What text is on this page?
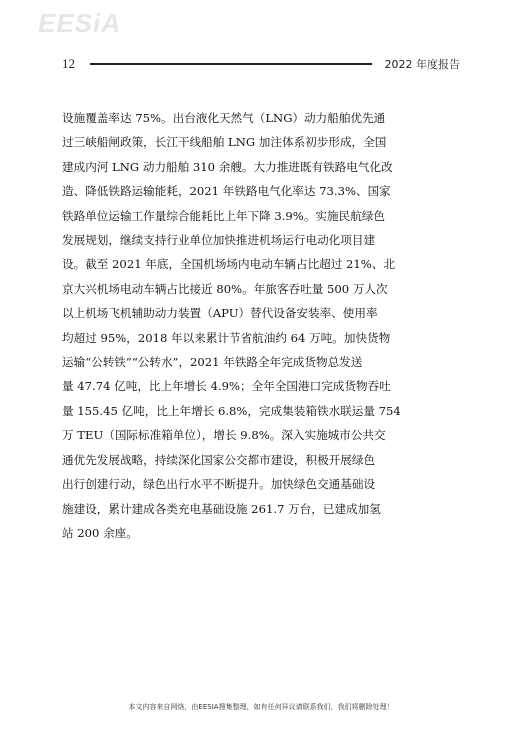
EESiA
12	2022 年度报告
设施覆盖率达 75%。出台液化天然气（LNG）动力船舶优先通
过三峡船闸政策，长江干线船舶 LNG 加注体系初步形成，全国
建成内河 LNG 动力船舶 310 余艘。大力推进既有铁路电气化改
造、降低铁路运输能耗，2021 年铁路电气化率达 73.3%、国家
铁路单位运输工作量综合能耗比上年下降 3.9%。实施民航绿色
发展规划，继续支持行业单位加快推进机场运行电动化项目建
设。截至 2021 年底，全国机场场内电动车辆占比超过 21%、北
京大兴机场电动车辆占比接近 80%。年旅客吞吐量 500 万人次
以上机场飞机辅助动力装置（APU）替代设备安装率、使用率
均超过 95%，2018 年以来累计节省航油约 64 万吨。加快货物
运输“公转铁”“公转水”，2021 年铁路全年完成货物总发送
量 47.74 亿吨，比上年增长 4.9%；全年全国港口完成货物吞吐
量 155.45 亿吨，比上年增长 6.8%，完成集装箱铁水联运量 754
万 TEU（国际标准箱单位），增长 9.8%。深入实施城市公共交
通优先发展战略，持续深化国家公交都市建设，积极开展绿色
出行创建行动，绿色出行水平不断提升。加快绿色交通基础设
施建设，累计建成各类充电基础设施 261.7 万台，已建成加氢
站 200 余座。
本文内容来自网络，由EESIA搜集整理，如有任何异议请联系我们，我们将删除处理！
